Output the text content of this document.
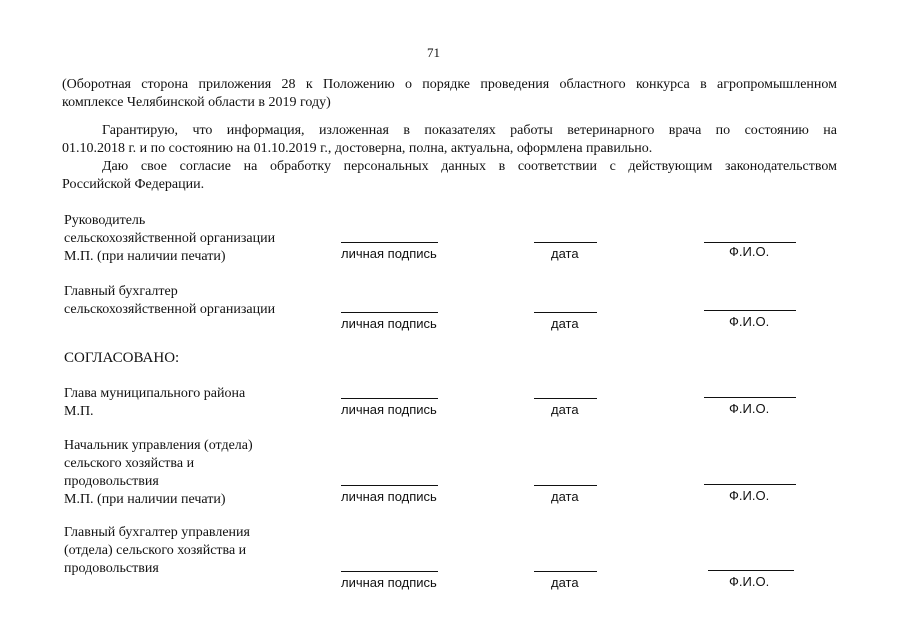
71
(Оборотная сторона приложения 28 к Положению о порядке проведения областного конкурса в агропромышленном
комплексе Челябинской области в 2019 году)
Гарантирую, что информация, изложенная в показателях работы ветеринарного врача по состоянию на
01.10.2018 г. и по состоянию на 01.10.2019 г., достоверна, полна, актуальна, оформлена правильно.
Даю свое согласие на обработку персональных данных в соответствии с действующим законодательством
Российской Федерации.
Руководитель
сельскохозяйственной организации
М.П. (при наличии печати)	личная подпись	дата	Ф.И.О.
Главный бухгалтер
сельскохозяйственной организации
личная подпись	дата	Ф.И.О.
СОГЛАСОВАНО:
Глава муниципального района
М.П.	личная подпись	дата	Ф.И.О.
Начальник управления (отдела)
сельского хозяйства и
продовольствия
М.П. (при наличии печати)	личная подпись	дата	Ф.И.О.
Главный бухгалтер управления
(отдела) сельского хозяйства и
продовольствия
личная подпись	дата	Ф.И.О.
